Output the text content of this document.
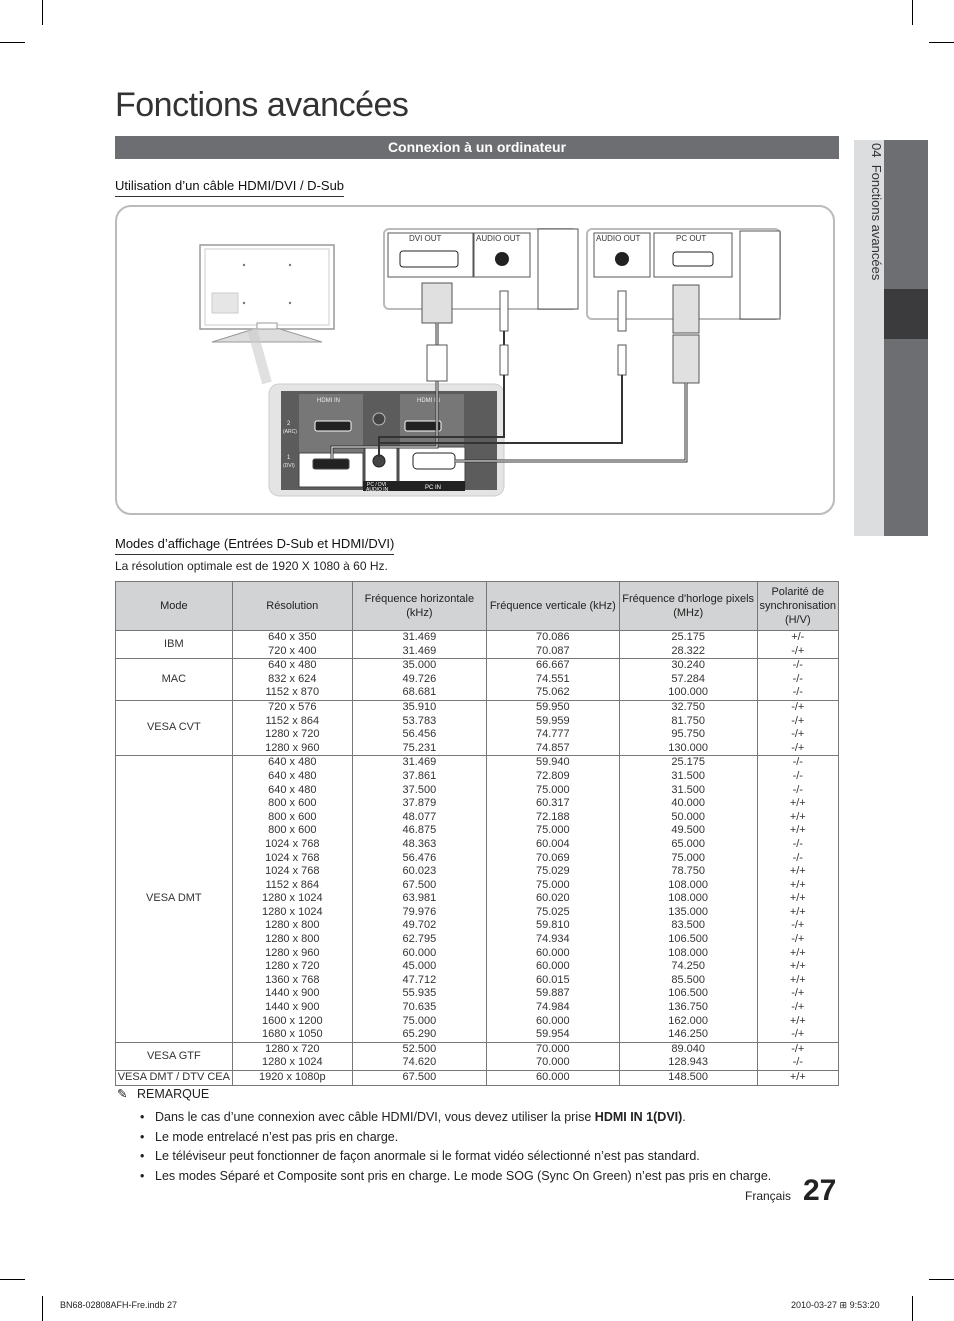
Fonctions avancées
Connexion à un ordinateur
Utilisation d’un câble HDMI/DVI / D-Sub
HDMI IN	HDMI IN
2
(ARC)
1
(DVI)
PC / DVI
AUDIO IN	PC IN
DVI OUT	AUDIO OUT	AUDIO OUT	PC OUT
Modes d’affichage (Entrées D-Sub et HDMI/DVI)
La résolution optimale est de 1920 X 1080 à 60 Hz.
Mode	Résolution	Fréquence horizontale (kHz)	Fréquence verticale (kHz)	Fréquence d'horloge pixels (MHz)	Polarité de synchronisation (H/V)
IBM	640 x 350	31.469	70.086	25.175	+/-
	720 x 400	31.469	70.087	28.322	-/+
MAC	640 x 480	35.000	66.667	30.240	-/-
	832 x 624	49.726	74.551	57.284	-/-
	1152 x 870	68.681	75.062	100.000	-/-
VESA CVT	720 x 576	35.910	59.950	32.750	-/+
	1152 x 864	53.783	59.959	81.750	-/+
	1280 x 720	56.456	74.777	95.750	-/+
	1280 x 960	75.231	74.857	130.000	-/+
VESA DMT	640 x 480	31.469	59.940	25.175	-/-
	640 x 480	37.861	72.809	31.500	-/-
	640 x 480	37.500	75.000	31.500	-/-
	800 x 600	37.879	60.317	40.000	+/+
	800 x 600	48.077	72.188	50.000	+/+
	800 x 600	46.875	75.000	49.500	+/+
	1024 x 768	48.363	60.004	65.000	-/-
	1024 x 768	56.476	70.069	75.000	-/-
	1024 x 768	60.023	75.029	78.750	+/+
	1152 x 864	67.500	75.000	108.000	+/+
	1280 x 1024	63.981	60.020	108.000	+/+
	1280 x 1024	79.976	75.025	135.000	+/+
	1280 x 800	49.702	59.810	83.500	-/+
	1280 x 800	62.795	74.934	106.500	-/+
	1280 x 960	60.000	60.000	108.000	+/+
	1280 x 720	45.000	60.000	74.250	+/+
	1360 x 768	47.712	60.015	85.500	+/+
	1440 x 900	55.935	59.887	106.500	-/+
	1440 x 900	70.635	74.984	136.750	-/+
	1600 x 1200	75.000	60.000	162.000	+/+
	1680 x 1050	65.290	59.954	146.250	-/+
VESA GTF	1280 x 720	52.500	70.000	89.040	-/+
	1280 x 1024	74.620	70.000	128.943	-/-
VESA DMT / DTV CEA	1920 x 1080p	67.500	60.000	148.500	+/+
✎ REMARQUE
• Dans le cas d’une connexion avec câble HDMI/DVI, vous devez utiliser la prise HDMI IN 1(DVI).
• Le mode entrelacé n’est pas pris en charge.
• Le téléviseur peut fonctionner de façon anormale si le format vidéo sélectionné n’est pas standard.
• Les modes Séparé et Composite sont pris en charge. Le mode SOG (Sync On Green) n’est pas pris en charge.
Français 27
04  Fonctions avancées
BN68-02808AFH-Fre.indb 27	2010-03-27 ⊞ 9:53:20
